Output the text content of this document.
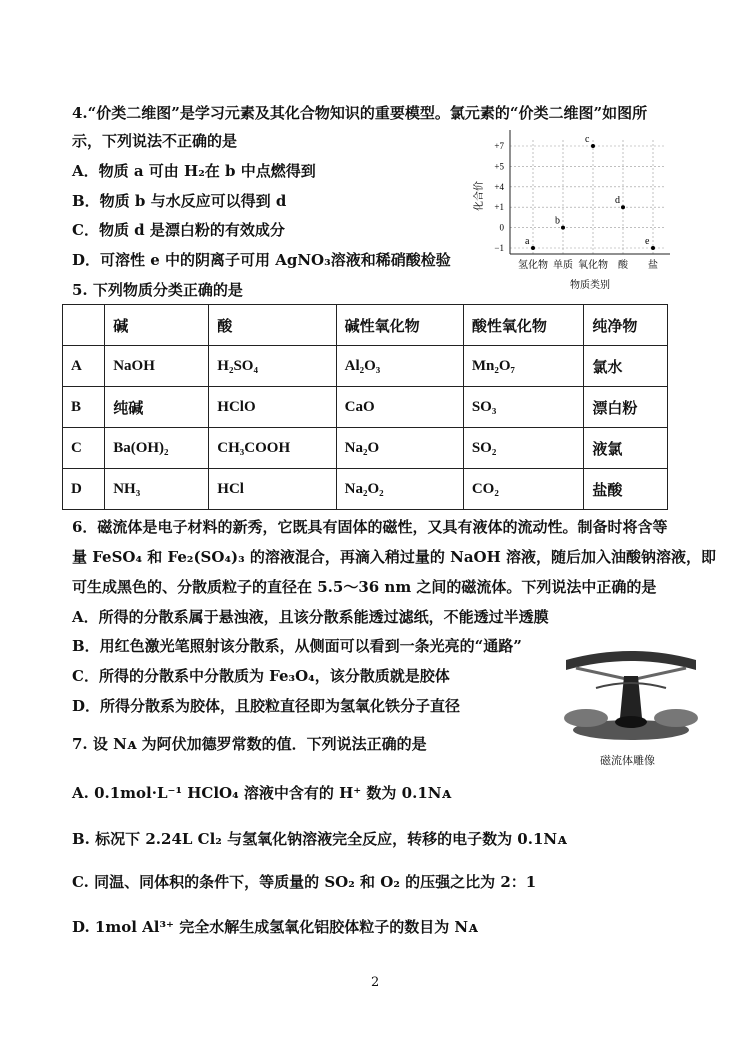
4.“价类二维图”是学习元素及其化合物知识的重要模型。氯元素的“价类二维图”如图所
示，下列说法不正确的是
A．物质 a 可由 H₂在 b 中点燃得到
B．物质 b 与水反应可以得到 d
C．物质 d 是漂白粉的有效成分
D．可溶性 e 中的阴离子可用 AgNO₃溶液和稀硝酸检验
+7
+5
+4
+1
0
−1
氢化物 单质 氧化物 酸 盐
a
b
c
d
e
化合价
物质类别
5. 下列物质分类正确的是
	碱	酸	碱性氧化物	酸性氧化物	纯净物
A	NaOH	H₂SO₄	Al₂O₃	Mn₂O₇	氯水
B	纯碱	HClO	CaO	SO₃	漂白粉
C	Ba(OH)₂	CH₃COOH	Na₂O	SO₂	液氯
D	NH₃	HCl	Na₂O₂	CO₂	盐酸
6．磁流体是电子材料的新秀，它既具有固体的磁性，又具有液体的流动性。制备时将含等
量 FeSO₄ 和 Fe₂(SO₄)₃ 的溶液混合，再滴入稍过量的 NaOH 溶液，随后加入油酸钠溶液，即
可生成黑色的、分散质粒子的直径在 5.5～36 nm 之间的磁流体。下列说法中正确的是
A．所得的分散系属于悬浊液，且该分散系能透过滤纸，不能透过半透膜
B．用红色激光笔照射该分散系，从侧面可以看到一条光亮的“通路”
C．所得的分散系中分散质为 Fe₃O₄，该分散质就是胶体
D．所得分散系为胶体，且胶粒直径即为氢氧化铁分子直径
磁流体雕像
7. 设 Nᴀ 为阿伏加德罗常数的值．下列说法正确的是
A. 0.1mol·L⁻¹ HClO₄ 溶液中含有的 H⁺ 数为 0.1Nᴀ
B. 标况下 2.24L Cl₂ 与氢氧化钠溶液完全反应，转移的电子数为 0.1Nᴀ
C. 同温、同体积的条件下，等质量的 SO₂ 和 O₂ 的压强之比为 2：1
D. 1mol Al³⁺ 完全水解生成氢氧化铝胶体粒子的数目为 Nᴀ
2
